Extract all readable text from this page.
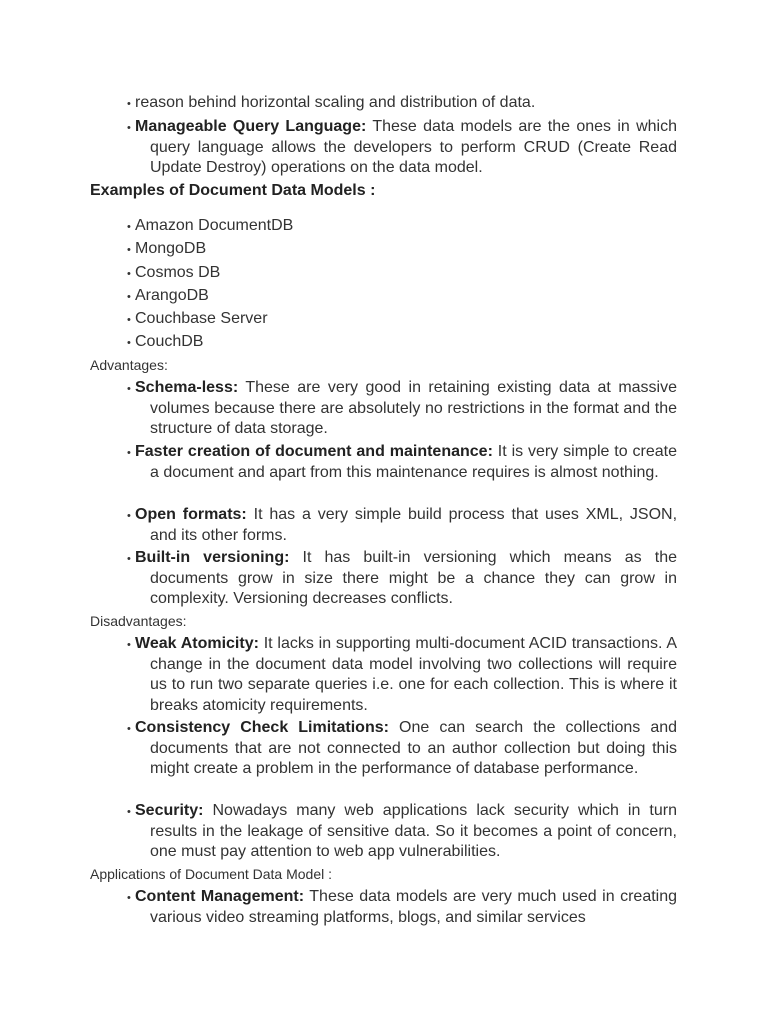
• reason behind horizontal scaling and distribution of data.
• Manageable Query Language: These data models are the ones in which query language allows the developers to perform CRUD (Create Read Update Destroy) operations on the data model.
Examples of Document Data Models :
• Amazon DocumentDB
• MongoDB
• Cosmos DB
• ArangoDB
• Couchbase Server
• CouchDB
Advantages:
• Schema-less: These are very good in retaining existing data at massive volumes because there are absolutely no restrictions in the format and the structure of data storage.
• Faster creation of document and maintenance: It is very simple to create a document and apart from this maintenance requires is almost nothing.
• Open formats: It has a very simple build process that uses XML, JSON, and its other forms.
• Built-in versioning: It has built-in versioning which means as the documents grow in size there might be a chance they can grow in complexity. Versioning decreases conflicts.
Disadvantages:
• Weak Atomicity: It lacks in supporting multi-document ACID transactions. A change in the document data model involving two collections will require us to run two separate queries i.e. one for each collection. This is where it breaks atomicity requirements.
• Consistency Check Limitations: One can search the collections and documents that are not connected to an author collection but doing this might create a problem in the performance of database performance.
• Security: Nowadays many web applications lack security which in turn results in the leakage of sensitive data. So it becomes a point of concern, one must pay attention to web app vulnerabilities.
Applications of Document Data Model :
• Content Management: These data models are very much used in creating various video streaming platforms, blogs, and similar services
